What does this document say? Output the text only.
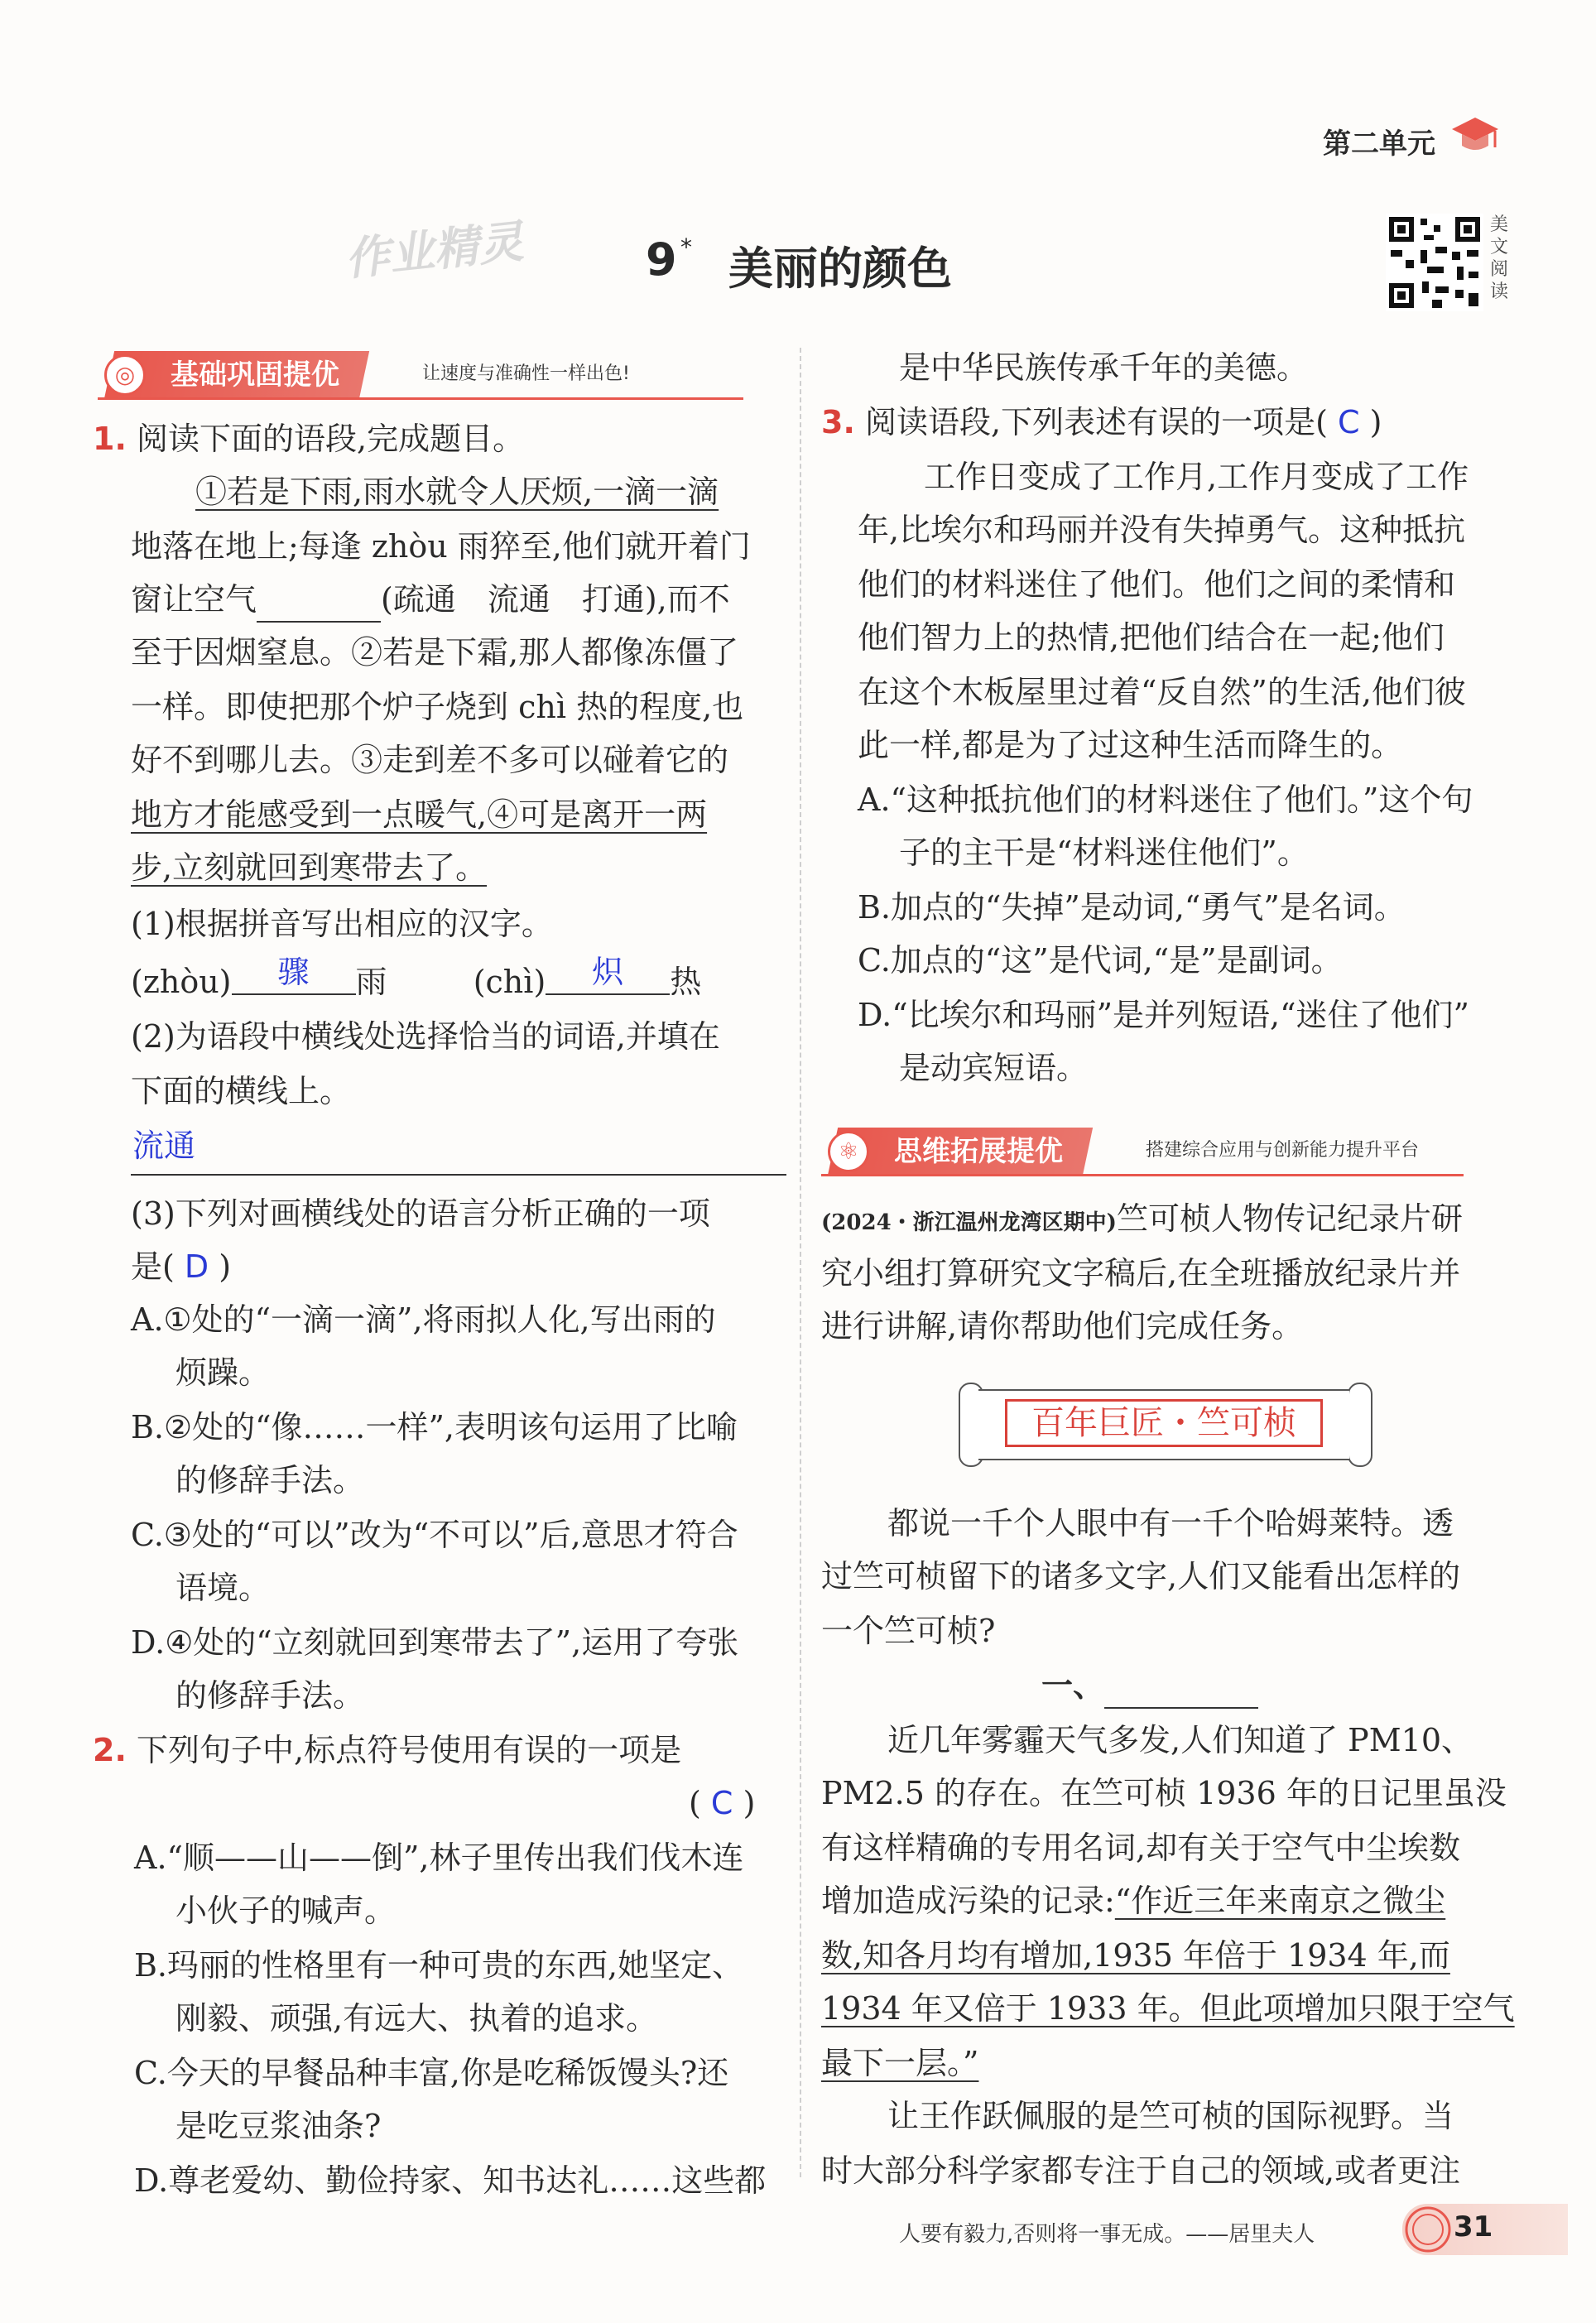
第二单元
作业精灵	9 * 美丽的颜色
美文阅读
基础巩固提优
◎	让速度与准确性一样出色!
1. 阅读下面的语段,完成题目。
①若是下雨,雨水就令人厌烦,一滴一滴
地落在地上;每逢 zhòu 雨猝至,他们就开着门
窗让空气	(疏通　流通　打通),而不
至于因烟窒息。②若是下霜,那人都像冻僵了
一样。即使把那个炉子烧到 chì 热的程度,也
好不到哪儿去。③走到差不多可以碰着它的
地方才能感受到一点暖气,④可是离开一两
步,立刻就回到寒带去了。
(1)根据拼音写出相应的汉字。
(zhòu) 骤 雨	(chì) 炽 热
(2)为语段中横线处选择恰当的词语,并填在
下面的横线上。
流通
(3)下列对画横线处的语言分析正确的一项
是( D )
A.①处的“一滴一滴”,将雨拟人化,写出雨的
烦躁。
B.②处的“像……一样”,表明该句运用了比喻
的修辞手法。
C.③处的“可以”改为“不可以”后,意思才符合
语境。
D.④处的“立刻就回到寒带去了”,运用了夸张
的修辞手法。
2. 下列句子中,标点符号使用有误的一项是
( C )
A.“顺——山——倒”,林子里传出我们伐木连
小伙子的喊声。
B.玛丽的性格里有一种可贵的东西,她坚定、
刚毅、顽强,有远大、执着的追求。
C.今天的早餐品种丰富,你是吃稀饭馒头?还
是吃豆浆油条?
D.尊老爱幼、勤俭持家、知书达礼……这些都
是中华民族传承千年的美德。
3. 阅读语段,下列表述有误的一项是( C )
工作日变成了工作月,工作月变成了工作
年,比埃尔和玛丽并没有失掉勇气。这种抵抗
他们的材料迷住了他们。他们之间的柔情和
他们智力上的热情,把他们结合在一起;他们
在这个木板屋里过着“反自然”的生活,他们彼
此一样,都是为了过这种生活而降生的。
A.“这种抵抗他们的材料迷住了他们。”这个句
子的主干是“材料迷住他们”。
B.加点的“失掉”是动词,“勇气”是名词。
C.加点的“这”是代词,“是”是副词。
D.“比埃尔和玛丽”是并列短语,“迷住了他们”
是动宾短语。
思维拓展提优
⚛	搭建综合应用与创新能力提升平台
(2024・浙江温州龙湾区期中)竺可桢人物传记纪录片研
究小组打算研究文字稿后,在全班播放纪录片并
进行讲解,请你帮助他们完成任务。
百年巨匠・竺可桢
都说一千个人眼中有一千个哈姆莱特。透
过竺可桢留下的诸多文字,人们又能看出怎样的
一个竺可桢?
一、
近几年雾霾天气多发,人们知道了 PM10、
PM2.5 的存在。在竺可桢 1936 年的日记里虽没
有这样精确的专用名词,却有关于空气中尘埃数
增加造成污染的记录:“作近三年来南京之微尘
数,知各月均有增加,1935 年倍于 1934 年,而
1934 年又倍于 1933 年。但此项增加只限于空气
最下一层。”
让王作跃佩服的是竺可桢的国际视野。当
时大部分科学家都专注于自己的领域,或者更注
人要有毅力,否则将一事无成。——居里夫人	31
